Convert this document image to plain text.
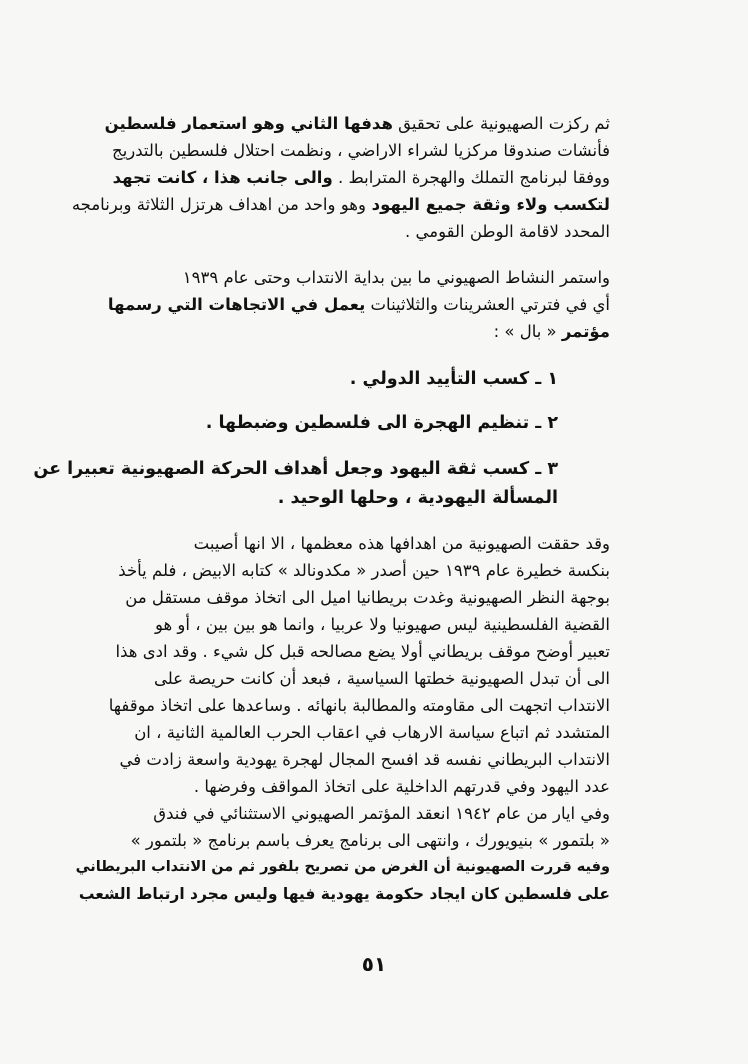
ثم ركزت الصهيونية على تحقيق هدفها الثاني وهو استعمار فلسطين
فأنشات صندوقا مركزيا لشراء الاراضي ، ونظمت احتلال فلسطين بالتدريج
ووفقا لبرنامج التملك والهجرة المترابط . والى جانب هذا ، كانت تجهد
لتكسب ولاء وثقة جميع اليهود وهو واحد من اهداف هرتزل الثلاثة وبرنامجه
المحدد لاقامة الوطن القومي .
واستمر النشاط الصهيوني ما بين بداية الانتداب وحتى عام ١٩٣٩
أي في فترتي العشرينات والثلاثينات يعمل في الاتجاهات التي رسمها
مؤتمر « بال » :
١ ـ كسب التأييد الدولي .
٢ ـ تنظيم الهجرة الى فلسطين وضبطها .
٣ ـ كسب ثقة اليهود وجعل أهداف الحركة الصهيونية تعبيرا عن
المسألة اليهودية ، وحلها الوحيد .
وقد حققت الصهيونية من اهدافها هذه معظمها ، الا انها أصيبت
بنكسة خطيرة عام ١٩٣٩ حين أصدر « مكدونالد » كتابه الابيض ، فلم يأخذ
بوجهة النظر الصهيونية وغدت بريطانيا اميل الى اتخاذ موقف مستقل من
القضية الفلسطينية ليس صهيونيا ولا عربيا ، وانما هو بين بين ، أو هو
تعبير أوضح موقف بريطاني أولا يضع مصالحه قبل كل شيء . وقد ادى هذا
الى أن تبدل الصهيونية خطتها السياسية ، فبعد أن كانت حريصة على
الانتداب اتجهت الى مقاومته والمطالبة بانهائه . وساعدها على اتخاذ موقفها
المتشدد ثم اتباع سياسة الارهاب في اعقاب الحرب العالمية الثانية ، ان
الانتداب البريطاني نفسه قد افسح المجال لهجرة يهودية واسعة زادت في
عدد اليهود وفي قدرتهم الداخلية على اتخاذ المواقف وفرضها .
وفي ايار من عام ١٩٤٢ انعقد المؤتمر الصهيوني الاستثنائي في فندق
« بلتمور » بنيويورك ، وانتهى الى برنامج يعرف باسم برنامج « بلتمور »
وفيه قررت الصهيونية أن الغرض من تصريح بلفور ثم من الانتداب البريطاني
على فلسطين كان ايجاد حكومة يهودية فيها وليس مجرد ارتباط الشعب
٥١
